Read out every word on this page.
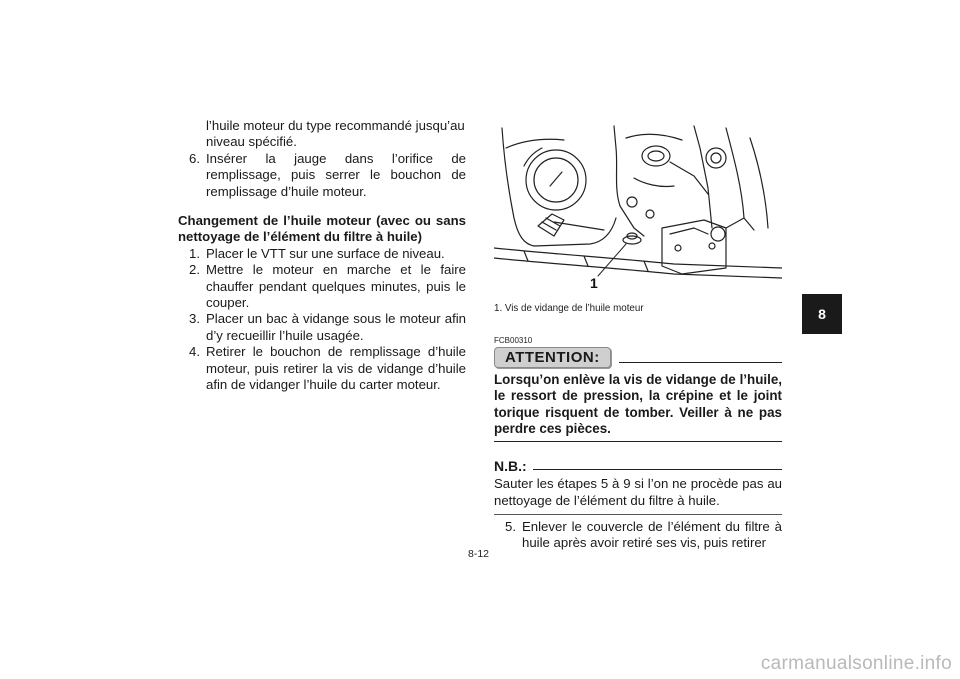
l’huile moteur du type recommandé jusqu’au
niveau spécifié.
6. Insérer la jauge dans l’orifice de remplissage, puis serrer le bouchon de remplissage d’huile moteur.
Changement de l’huile moteur (avec ou sans nettoyage de l’élément du filtre à huile)
1. Placer le VTT sur une surface de niveau.
2. Mettre le moteur en marche et le faire chauffer pendant quelques minutes, puis le couper.
3. Placer un bac à vidange sous le moteur afin d’y recueillir l’huile usagée.
4. Retirer le bouchon de remplissage d’huile moteur, puis retirer la vis de vidange d’huile afin de vidanger l’huile du carter moteur.
1
1. Vis de vidange de l’huile moteur
FCB00310
ATTENTION:
Lorsqu’on enlève la vis de vidange de l’huile, le ressort de pression, la crépine et le joint torique risquent de tomber. Veiller à ne pas perdre ces pièces.
N.B.:
Sauter les étapes 5 à 9 si l’on ne procède pas au nettoyage de l’élément du filtre à huile.
5. Enlever le couvercle de l’élément du filtre à huile après avoir retiré ses vis, puis retirer
8-12
8
carmanualsonline.info
